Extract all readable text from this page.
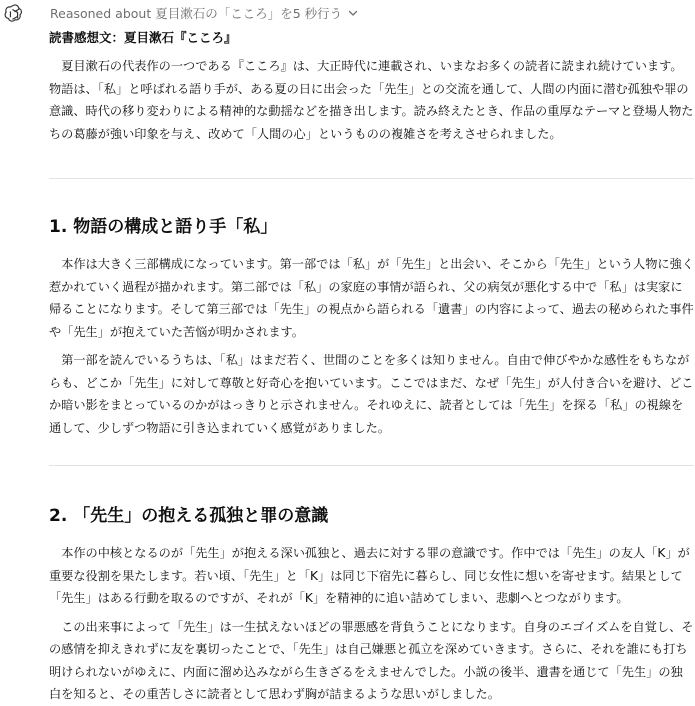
Reasoned about 夏目漱石の「こころ」を5 秒行う
読書感想文：夏目漱石『こころ』

夏目漱石の代表作の一つである『こころ』は、大正時代に連載され、いまなお多くの読者に読まれ続けています。物語は、「私」と呼ばれる語り手が、ある夏の日に出会った「先生」との交流を通して、人間の内面に潜む孤独や罪の意識、時代の移り変わりによる精神的な動揺などを描き出します。読み終えたとき、作品の重厚なテーマと登場人物たちの葛藤が強い印象を与え、改めて「人間の心」というものの複雑さを考えさせられました。

1. 物語の構成と語り手「私」

本作は大きく三部構成になっています。第一部では「私」が「先生」と出会い、そこから「先生」という人物に強く惹かれていく過程が描かれます。第二部では「私」の家庭の事情が語られ、父の病気が悪化する中で「私」は実家に帰ることになります。そして第三部では「先生」の視点から語られる「遺書」の内容によって、過去の秘められた事件や「先生」が抱えていた苦悩が明かされます。

第一部を読んでいるうちは、「私」はまだ若く、世間のことを多くは知りません。自由で伸びやかな感性をもちながらも、どこか「先生」に対して尊敬と好奇心を抱いています。ここではまだ、なぜ「先生」が人付き合いを避け、どこか暗い影をまとっているのかがはっきりと示されません。それゆえに、読者としては「先生」を探る「私」の視線を通して、少しずつ物語に引き込まれていく感覚がありました。

2. 「先生」の抱える孤独と罪の意識

本作の中核となるのが「先生」が抱える深い孤独と、過去に対する罪の意識です。作中では「先生」の友人「K」が重要な役割を果たします。若い頃、「先生」と「K」は同じ下宿先に暮らし、同じ女性に想いを寄せます。結果として「先生」はある行動を取るのですが、それが「K」を精神的に追い詰めてしまい、悲劇へとつながります。

この出来事によって「先生」は一生拭えないほどの罪悪感を背負うことになります。自身のエゴイズムを自覚し、その感情を抑えきれずに友を裏切ったことで、「先生」は自己嫌悪と孤立を深めていきます。さらに、それを誰にも打ち明けられないがゆえに、内面に溜め込みながら生きざるをえませんでした。小説の後半、遺書を通じて「先生」の独白を知ると、その重苦しさに読者として思わず胸が詰まるような思いがしました。
